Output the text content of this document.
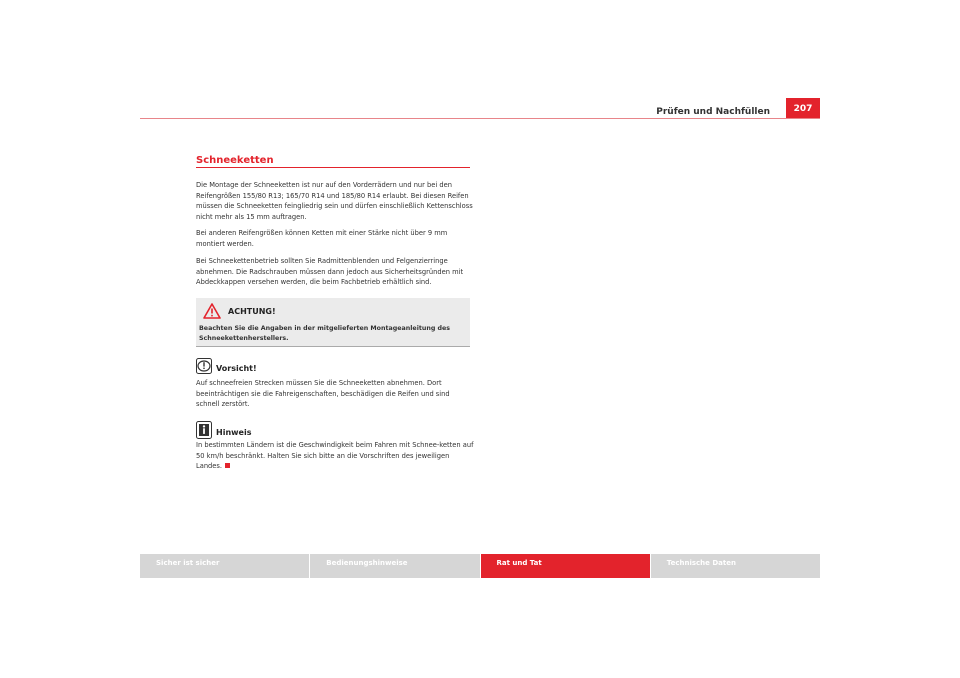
Prüfen und Nachfüllen	207
Schneeketten

Die Montage der Schneeketten ist nur auf den Vorderrädern und nur bei den Reifengrößen 155/80 R13; 165/70 R14 und 185/80 R14 erlaubt. Bei diesen Reifen müssen die Schneeketten feingliedrig sein und dürfen einschließlich Kettenschloss nicht mehr als 15 mm auftragen.

Bei anderen Reifengrößen können Ketten mit einer Stärke nicht über 9 mm montiert werden.

Bei Schneekettenbetrieb sollten Sie Radmittenblenden und Felgenzierringe abnehmen. Die Radschrauben müssen dann jedoch aus Sicherheitsgründen mit Abdeckkappen versehen werden, die beim Fachbetrieb erhältlich sind.

ACHTUNG!

Beachten Sie die Angaben in der mitgelieferten Montageanleitung des Schneekettenherstellers.

Vorsicht!

Auf schneefreien Strecken müssen Sie die Schneeketten abnehmen. Dort beeinträchtigen sie die Fahreigenschaften, beschädigen die Reifen und sind schnell zerstört.

Hinweis

In bestimmten Ländern ist die Geschwindigkeit beim Fahren mit Schnee-ketten auf 50 km/h beschränkt. Halten Sie sich bitte an die Vorschriften des jeweiligen Landes.

Sicher ist sicher	Bedienungshinweise	Rat und Tat	Technische Daten
